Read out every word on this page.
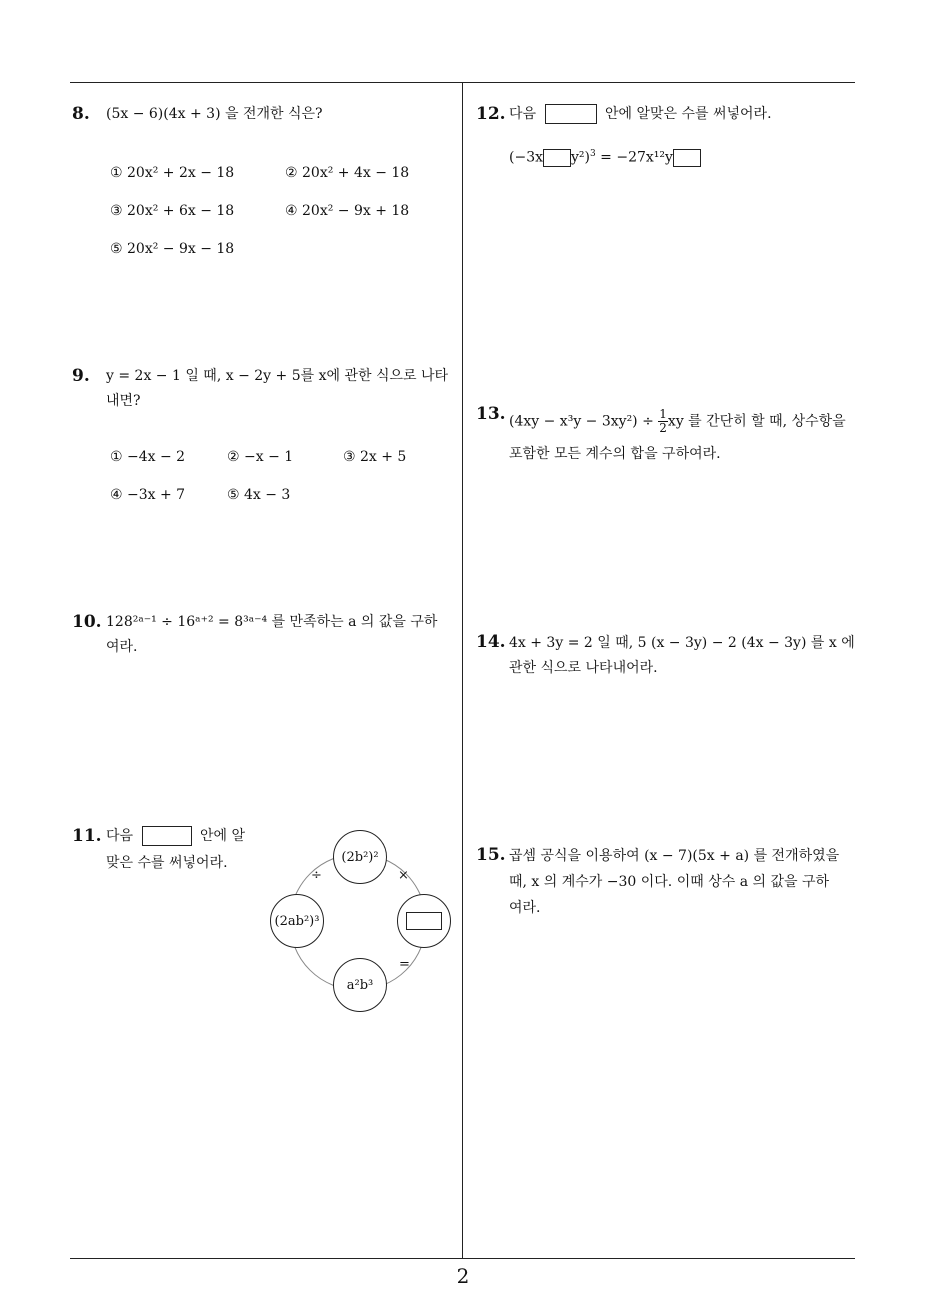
8. (5x − 6)(4x + 3) 을 전개한 식은?
① 20x² + 2x − 18	② 20x² + 4x − 18
③ 20x² + 6x − 18	④ 20x² − 9x + 18
⑤ 20x² − 9x − 18
9. y = 2x − 1 일 때, x − 2y + 5를 x에 관한 식으로 나타
내면?
① −4x − 2	② −x − 1	③ 2x + 5
④ −3x + 7	⑤ 4x − 3
10. 128²ᵃ⁻¹ ÷ 16ᵃ⁺² = 8³ᵃ⁻⁴ 를 만족하는 a 의 값을 구하
여라.
11. 다음	안에 알
맞은 수를 써넣어라.	(2b²)²
(2ab²)³
a²b³
÷	×
=
12. 다음	안에 알맞은 수를 써넣어라.
(−3x y²)$^3$ = −27x¹²y
13. $(4xy - x^3y - 3xy^2) \div \frac{1}{2}$ xy 를 간단히 할 때, 상수항을
포함한 모든 계수의 합을 구하여라.
14. 4x + 3y = 2 일 때, 5 (x − 3y) − 2 (4x − 3y) 를 x 에
관한 식으로 나타내어라.
15. 곱셈 공식을 이용하여 (x − 7)(5x + a) 를 전개하였을
때, x 의 계수가 −30 이다. 이때 상수 a 의 값을 구하
여라.
2
